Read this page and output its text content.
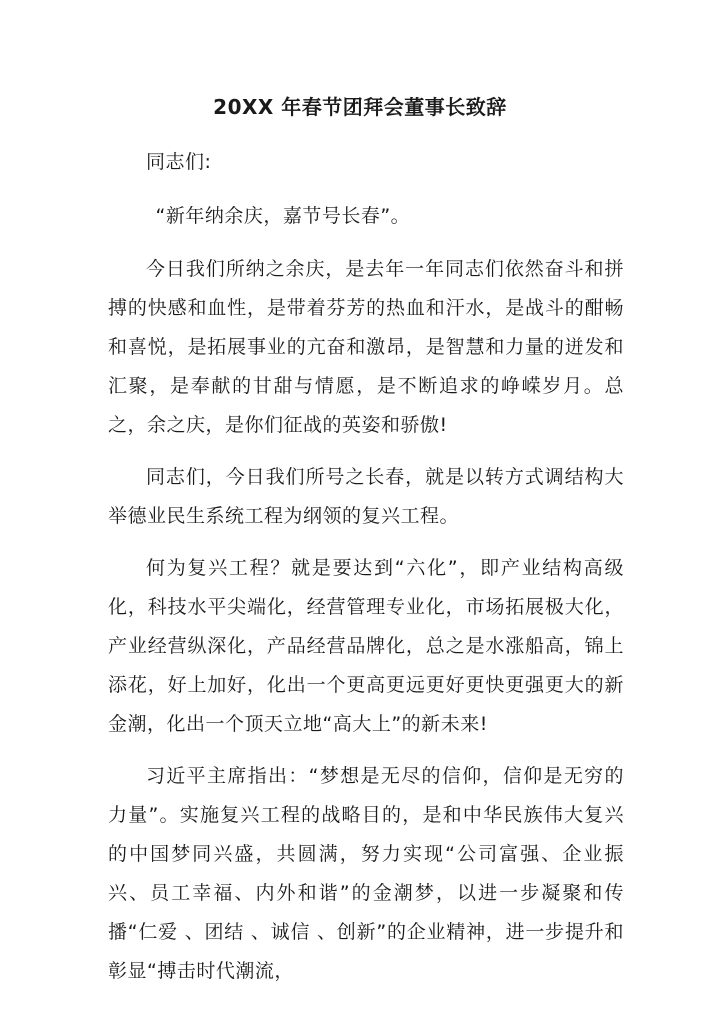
20XX 年春节团拜会董事长致辞

同志们:

“新年纳余庆，嘉节号长春”。

今日我们所纳之余庆，是去年一年同志们依然奋斗和拼搏的快感和血性，是带着芬芳的热血和汗水，是战斗的酣畅和喜悦，是拓展事业的亢奋和激昂，是智慧和力量的迸发和汇聚，是奉献的甘甜与情愿，是不断追求的峥嵘岁月。总之，余之庆，是你们征战的英姿和骄傲!

同志们，今日我们所号之长春，就是以转方式调结构大举德业民生系统工程为纲领的复兴工程。

何为复兴工程？就是要达到“六化”，即产业结构高级化，科技水平尖端化，经营管理专业化，市场拓展极大化，产业经营纵深化，产品经营品牌化，总之是水涨船高，锦上添花，好上加好，化出一个更高更远更好更快更强更大的新金潮，化出一个顶天立地“高大上”的新未来!

习近平主席指出：“梦想是无尽的信仰，信仰是无穷的力量”。实施复兴工程的战略目的，是和中华民族伟大复兴的中国梦同兴盛，共圆满，努力实现“公司富强、企业振兴、员工幸福、内外和谐”的金潮梦，以进一步凝聚和传播“仁爱 、团结 、诚信 、创新”的企业精神，进一步提升和彰显“搏击时代潮流，
